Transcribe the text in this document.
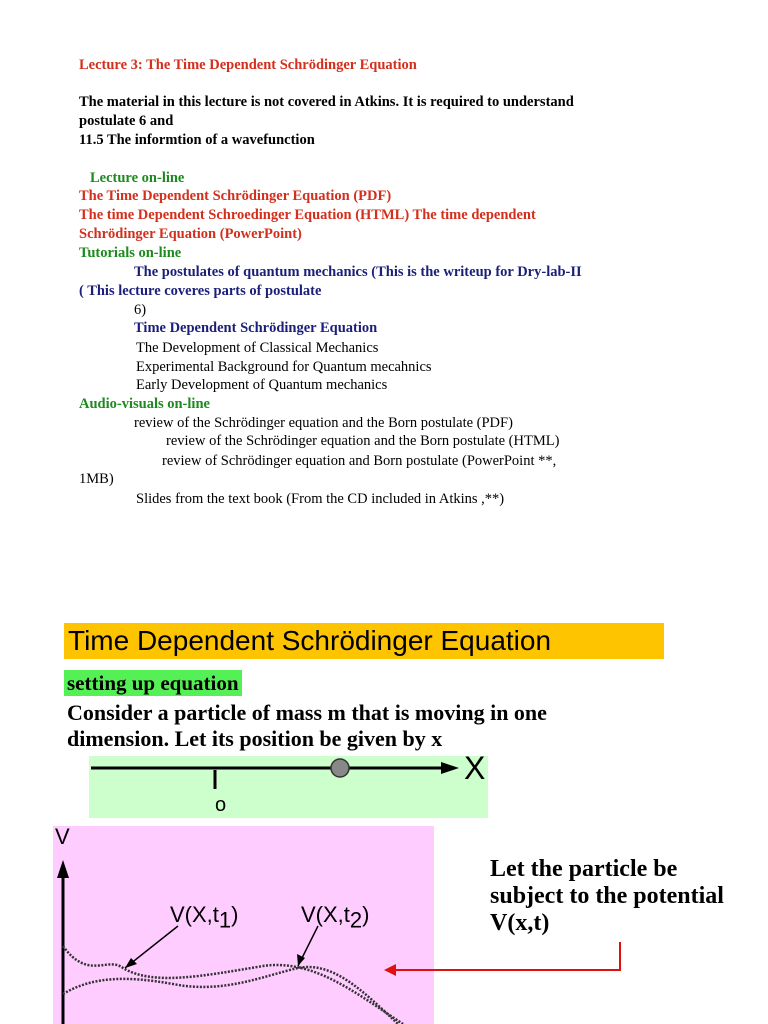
Lecture 3: The Time Dependent Schrödinger Equation
The material in this lecture is not covered in Atkins. It is required to understand
postulate 6 and
11.5 The informtion of a wavefunction
Lecture on-line
The Time Dependent Schrödinger Equation (PDF)
The time Dependent Schroedinger Equation (HTML) The time dependent
Schrödinger Equation (PowerPoint)
Tutorials on-line
The postulates of quantum mechanics (This is the writeup for Dry-lab-II
( This lecture coveres parts of postulate
6)
Time Dependent Schrödinger Equation
The Development of Classical Mechanics
Experimental Background for Quantum mecahnics
Early Development of Quantum mechanics
Audio-visuals on-line
review of the Schrödinger equation and the Born postulate (PDF)
review of the Schrödinger equation and the Born postulate (HTML)
review of Schrödinger equation and Born postulate (PowerPoint **,
1MB)
Slides from the text book (From the CD included in Atkins ,**)
Time Dependent Schrödinger Equation
setting up equation
Consider a particle of mass m that is moving in one dimension. Let its position be given by x
X
o
$V(X,t_1)$	$V(X,t_2)$
V
Let the particle be subject to the potential V(x,t)
